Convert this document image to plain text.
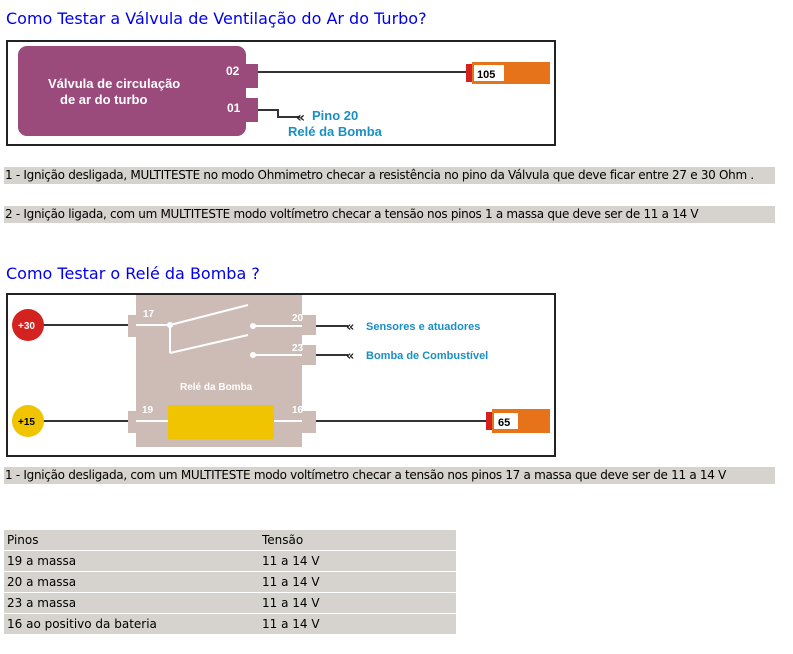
Como Testar a Válvula de Ventilação do Ar do Turbo?
Válvula de circulação
de ar do turbo
02
01
105
« Pino 20
Relé da Bomba
1 - Ignição desligada, MULTITESTE no modo Ohmimetro checar a resistência no pino da Válvula que deve ficar entre 27 e 30 Ohm .
2 - Ignição ligada, com um MULTITESTE modo voltímetro checar a tensão nos pinos 1 a massa que deve ser de 11 a 14 V
Como Testar o Relé da Bomba ?
17	20
23
Relé da Bomba
19	16
+30
+15
« Sensores e atuadores
« Bomba de Combustível
65
1 - Ignição desligada, com um MULTITESTE modo voltímetro checar a tensão nos pinos 17 a massa que deve ser de 11 a 14 V
Pinos	Tensão
19 a massa	11 a 14 V
20 a massa	11 a 14 V
23 a massa	11 a 14 V
16 ao positivo da bateria	11 a 14 V
